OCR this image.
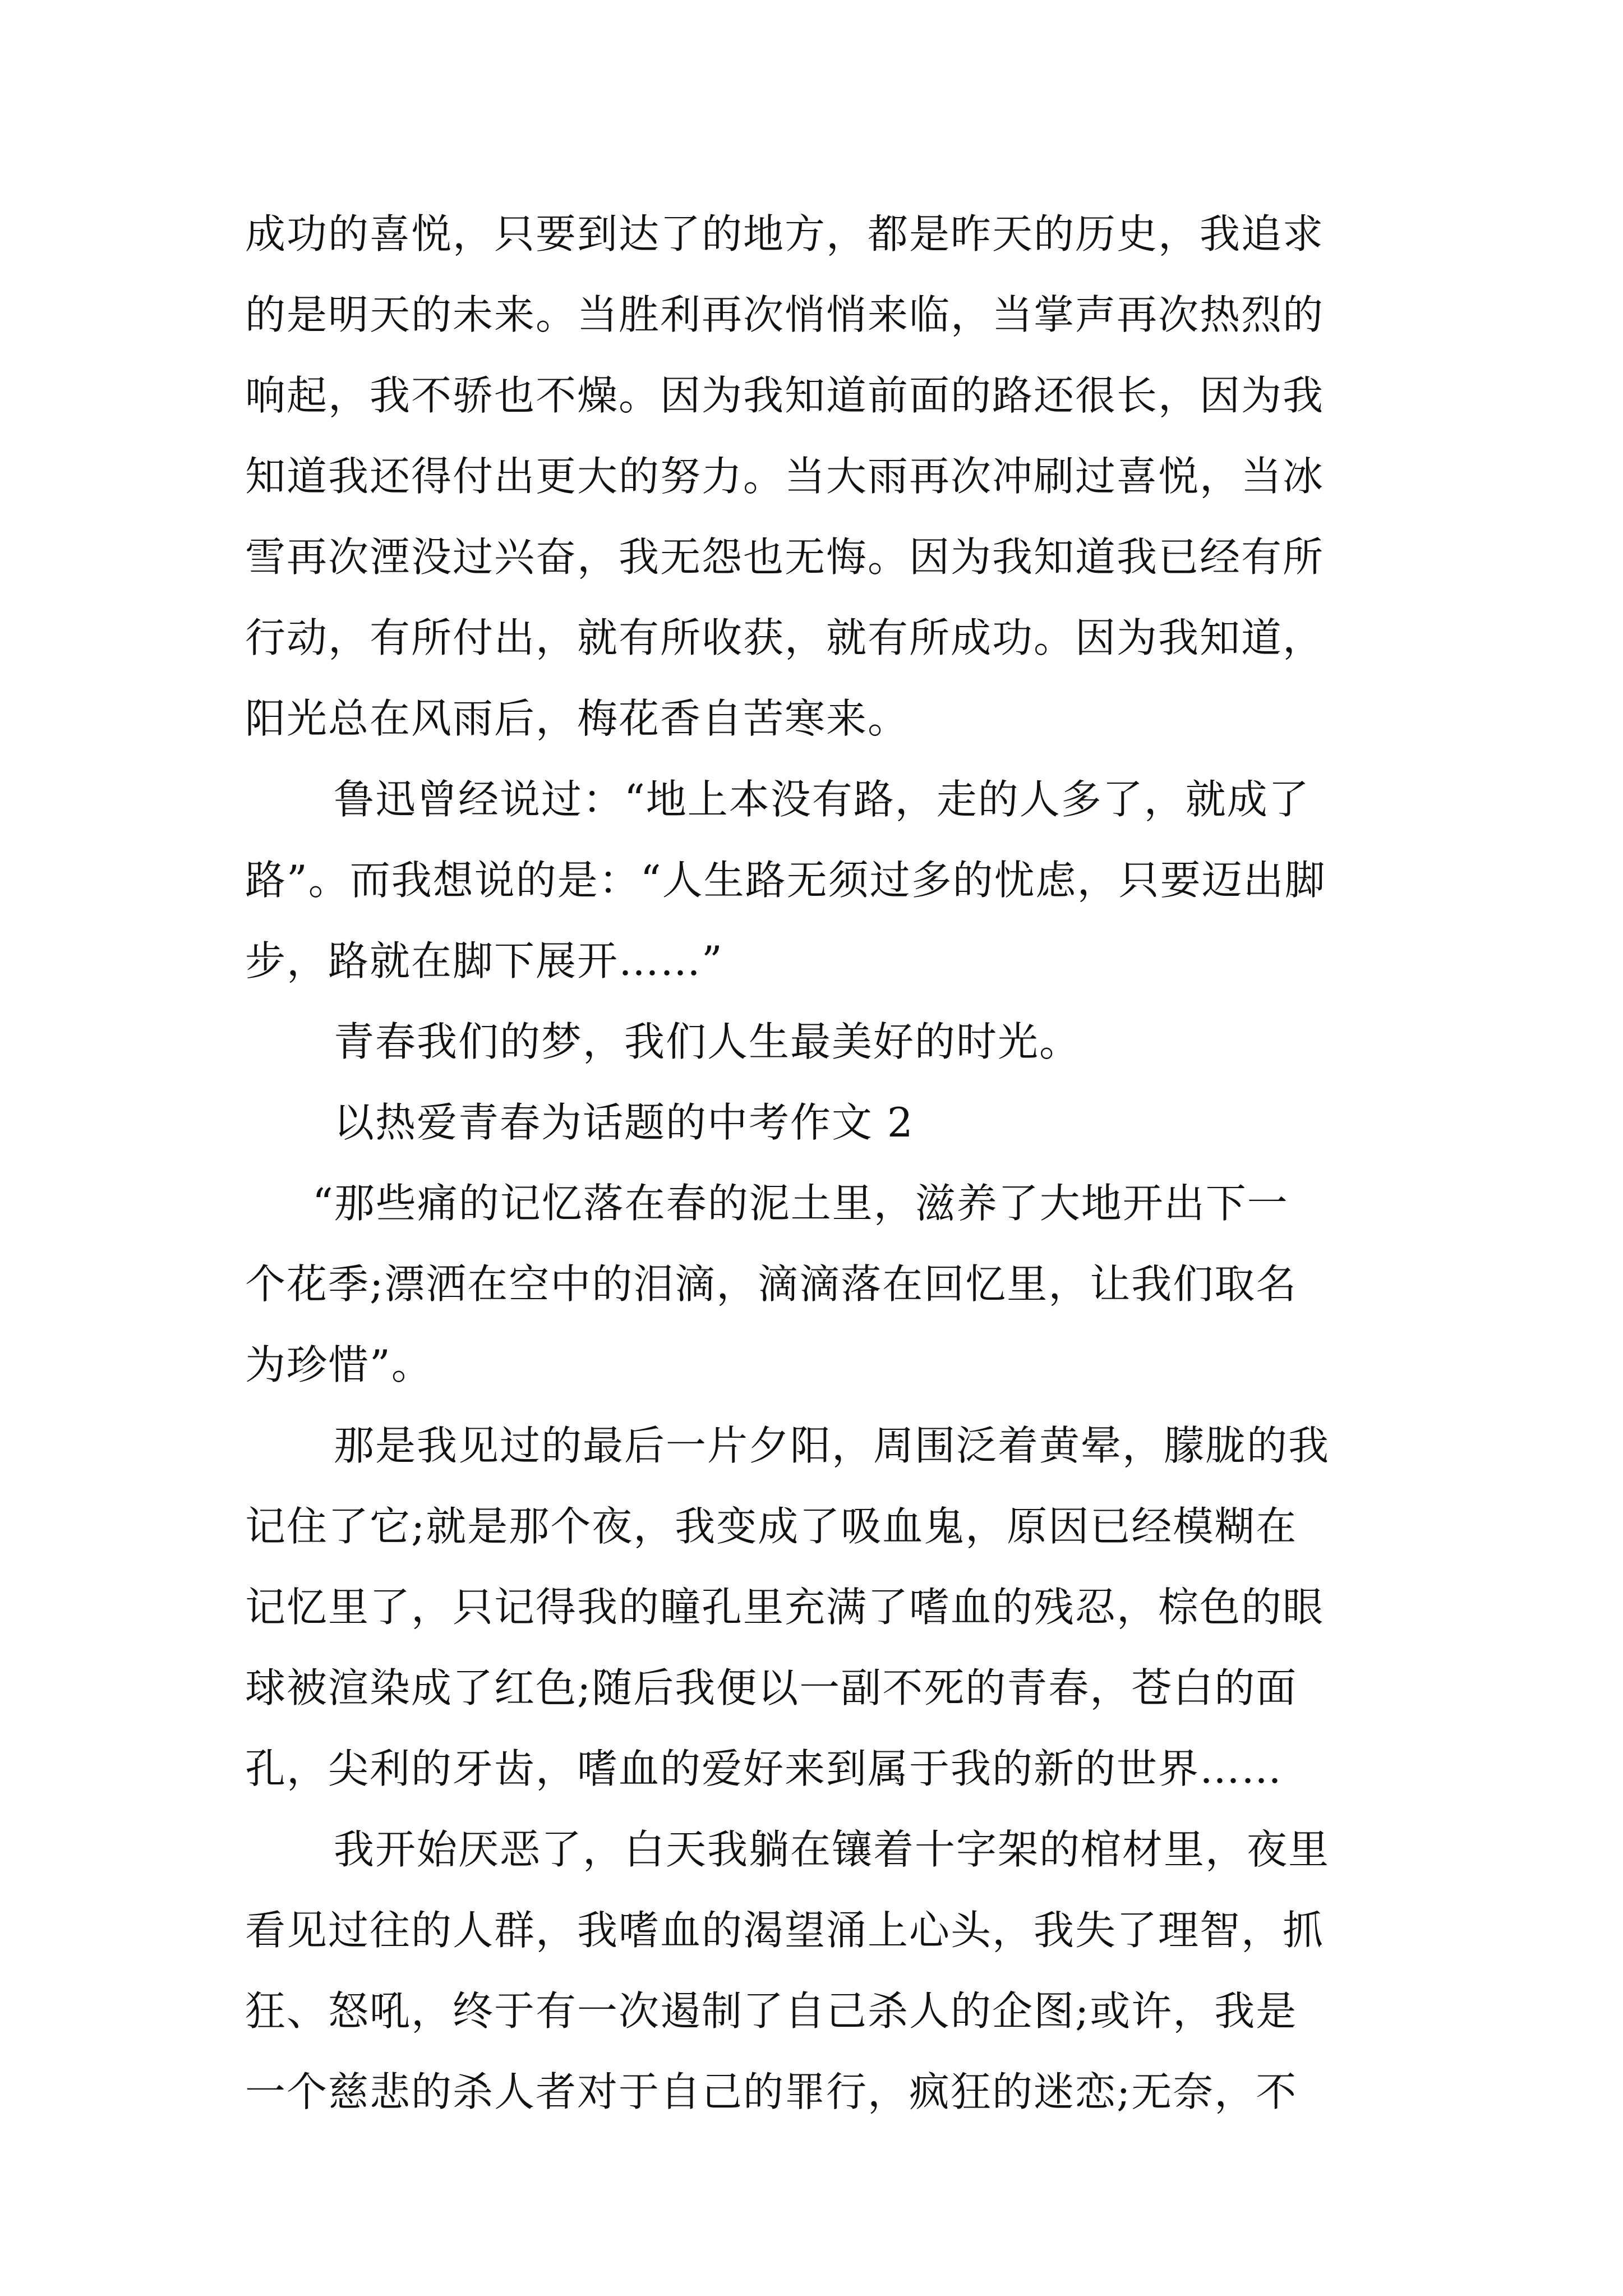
成功的喜悦，只要到达了的地方，都是昨天的历史，我追求
的是明天的未来。当胜利再次悄悄来临，当掌声再次热烈的
响起，我不骄也不燥。因为我知道前面的路还很长，因为我
知道我还得付出更大的努力。当大雨再次冲刷过喜悦，当冰
雪再次湮没过兴奋，我无怨也无悔。因为我知道我已经有所
行动，有所付出，就有所收获，就有所成功。因为我知道，
阳光总在风雨后，梅花香自苦寒来。
鲁迅曾经说过：“地上本没有路，走的人多了，就成了
路”。而我想说的是：“人生路无须过多的忧虑，只要迈出脚
步，路就在脚下展开……”
青春我们的梦，我们人生最美好的时光。
以热爱青春为话题的中考作文 2
“那些痛的记忆落在春的泥土里，滋养了大地开出下一
个花季;漂洒在空中的泪滴，滴滴落在回忆里，让我们取名
为珍惜”。
那是我见过的最后一片夕阳，周围泛着黄晕，朦胧的我
记住了它;就是那个夜，我变成了吸血鬼，原因已经模糊在
记忆里了，只记得我的瞳孔里充满了嗜血的残忍，棕色的眼
球被渲染成了红色;随后我便以一副不死的青春，苍白的面
孔，尖利的牙齿，嗜血的爱好来到属于我的新的世界……
我开始厌恶了，白天我躺在镶着十字架的棺材里，夜里
看见过往的人群，我嗜血的渴望涌上心头，我失了理智，抓
狂、怒吼，终于有一次遏制了自己杀人的企图;或许，我是
一个慈悲的杀人者对于自己的罪行，疯狂的迷恋;无奈，不
